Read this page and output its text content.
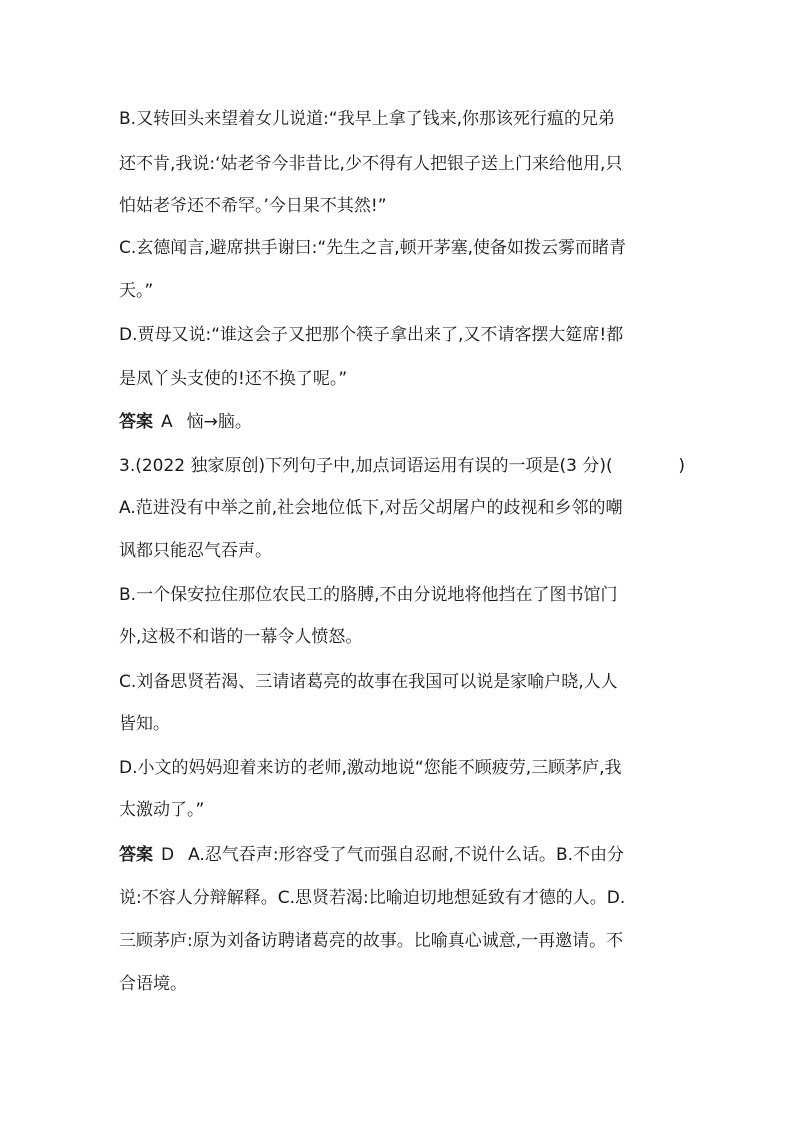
B.又转回头来望着女儿说道:“我早上拿了钱来,你那该死行瘟的兄弟

还不肯,我说:‘姑老爷今非昔比,少不得有人把银子送上门来给他用,只

怕姑老爷还不希罕。’今日果不其然!”

C.玄德闻言,避席拱手谢曰:“先生之言,顿开茅塞,使备如拨云雾而睹青

天。”

D.贾母又说:“谁这会子又把那个筷子拿出来了,又不请客摆大筵席!都

是凤丫头支使的!还不换了呢。”

答案 A 恼→脑。
3.(2022 独家原创)下列句子中,加点词语运用有误的一项是(3 分)(	)

A.范进没有中举之前,社会地位低下,对岳父胡屠户的歧视和乡邻的嘲

讽都只能忍气吞声。

B.一个保安拉住那位农民工的胳膊,不由分说地将他挡在了图书馆门

外,这极不和谐的一幕令人愤怒。

C.刘备思贤若渴、三请诸葛亮的故事在我国可以说是家喻户晓,人人

皆知。

D.小文的妈妈迎着来访的老师,激动地说“您能不顾疲劳,三顾茅庐,我

太激动了。”

答案 D A.忍气吞声:形容受了气而强自忍耐,不说什么话。B.不由分

说:不容人分辩解释。C.思贤若渴:比喻迫切地想延致有才德的人。D.

三顾茅庐:原为刘备访聘诸葛亮的故事。比喻真心诚意,一再邀请。不

合语境。
